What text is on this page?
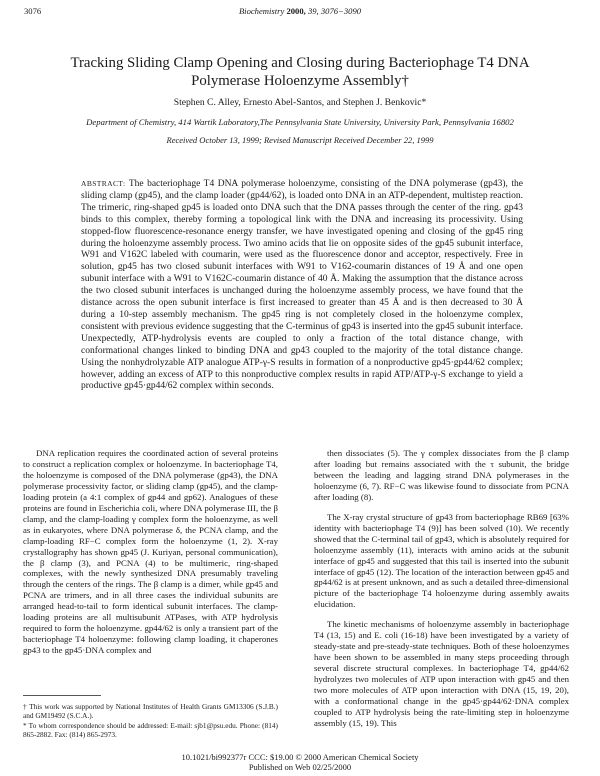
3076	Biochemistry 2000, 39, 3076−3090
Tracking Sliding Clamp Opening and Closing during Bacteriophage T4 DNA
Polymerase Holoenzyme Assembly†
Stephen C. Alley, Ernesto Abel-Santos, and Stephen J. Benkovic*
Department of Chemistry, 414 Wartik Laboratory,The Pennsylvania State University, University Park, Pennsylvania 16802
Received October 13, 1999; Revised Manuscript Received December 22, 1999

ABSTRACT: The bacteriophage T4 DNA polymerase holoenzyme, consisting of the DNA polymerase (gp43), the sliding clamp (gp45), and the clamp loader (gp44/62), is loaded onto DNA in an ATP-dependent, multistep reaction. The trimeric, ring-shaped gp45 is loaded onto DNA such that the DNA passes through the center of the ring. gp43 binds to this complex, thereby forming a topological link with the DNA and increasing its processivity. Using stopped-flow fluorescence-resonance energy transfer, we have investigated opening and closing of the gp45 ring during the holoenzyme assembly process. Two amino acids that lie on opposite sides of the gp45 subunit interface, W91 and V162C labeled with coumarin, were used as the fluorescence donor and acceptor, respectively. Free in solution, gp45 has two closed subunit interfaces with W91 to V162-coumarin distances of 19 Å and one open subunit interface with a W91 to V162C-coumarin distance of 40 Å. Making the assumption that the distance across the two closed subunit interfaces is unchanged during the holoenzyme assembly process, we have found that the distance across the open subunit interface is first increased to greater than 45 Å and is then decreased to 30 Å during a 10-step assembly mechanism. The gp45 ring is not completely closed in the holoenzyme complex, consistent with previous evidence suggesting that the C-terminus of gp43 is inserted into the gp45 subunit interface. Unexpectedly, ATP-hydrolysis events are coupled to only a fraction of the total distance change, with conformational changes linked to binding DNA and gp43 coupled to the majority of the total distance change. Using the nonhydrolyzable ATP analogue ATP-γ-S results in formation of a nonproductive gp45·gp44/62 complex; however, adding an excess of ATP to this nonproductive complex results in rapid ATP/ATP-γ-S exchange to yield a productive gp45·gp44/62 complex within seconds.

DNA replication requires the coordinated action of several proteins to construct a replication complex or holoenzyme. In bacteriophage T4, the holoenzyme is composed of the DNA polymerase (gp43), the DNA polymerase processivity factor, or sliding clamp (gp45), and the clamp-loading protein (a 4:1 complex of gp44 and gp62). Analogues of these proteins are found in Escherichia coli, where DNA polymerase III, the β clamp, and the clamp-loading γ complex form the holoenzyme, as well as in eukaryotes, where DNA polymerase δ, the PCNA clamp, and the clamp-loading RF−C complex form the holoenzyme (1, 2). X-ray crystallography has shown gp45 (J. Kuriyan, personal communication), the β clamp (3), and PCNA (4) to be multimeric, ring-shaped complexes, with the newly synthesized DNA presumably traveling through the centers of the rings. The β clamp is a dimer, while gp45 and PCNA are trimers, and in all three cases the individual subunits are arranged head-to-tail to form identical subunit interfaces. The clamp-loading proteins are all multisubunit ATPases, with ATP hydrolysis required to form the holoenzyme. gp44/62 is only a transient part of the bacteriophage T4 holoenzyme: following clamp loading, it chaperones gp43 to the gp45·DNA complex and

then dissociates (5). The γ complex dissociates from the β clamp after loading but remains associated with the τ subunit, the bridge between the leading and lagging strand DNA polymerases in the holoenzyme (6, 7). RF−C was likewise found to dissociate from PCNA after loading (8).

The X-ray crystal structure of gp43 from bacteriophage RB69 [63% identity with bacteriophage T4 (9)] has been solved (10). We recently showed that the C-terminal tail of gp43, which is absolutely required for holoenzyme assembly (11), interacts with amino acids at the subunit interface of gp45 and suggested that this tail is inserted into the subunit interface of gp45 (12). The location of the interaction between gp45 and gp44/62 is at present unknown, and as such a detailed three-dimensional picture of the bacteriophage T4 holoenzyme during assembly awaits elucidation.

The kinetic mechanisms of holoenzyme assembly in bacteriophage T4 (13, 15) and E. coli (16-18) have been investigated by a variety of steady-state and pre-steady-state techniques. Both of these holoenzymes have been shown to be assembled in many steps proceeding through several discrete structural complexes. In bacteriophage T4, gp44/62 hydrolyzes two molecules of ATP upon interaction with gp45 and then two more molecules of ATP upon interaction with DNA (15, 19, 20), with a conformational change in the gp45·gp44/62·DNA complex coupled to ATP hydrolysis being the rate-limiting step in holoenzyme assembly (15, 19). This

† This work was supported by National Institutes of Health Grants GM13306 (S.J.B.) and GM19492 (S.C.A.).

* To whom correspondence should be addressed: E-mail: sjb1@psu.edu. Phone: (814) 865-2882. Fax: (814) 865-2973.

10.1021/bi992377r CCC: $19.00 © 2000 American Chemical Society
Published on Web 02/25/2000
